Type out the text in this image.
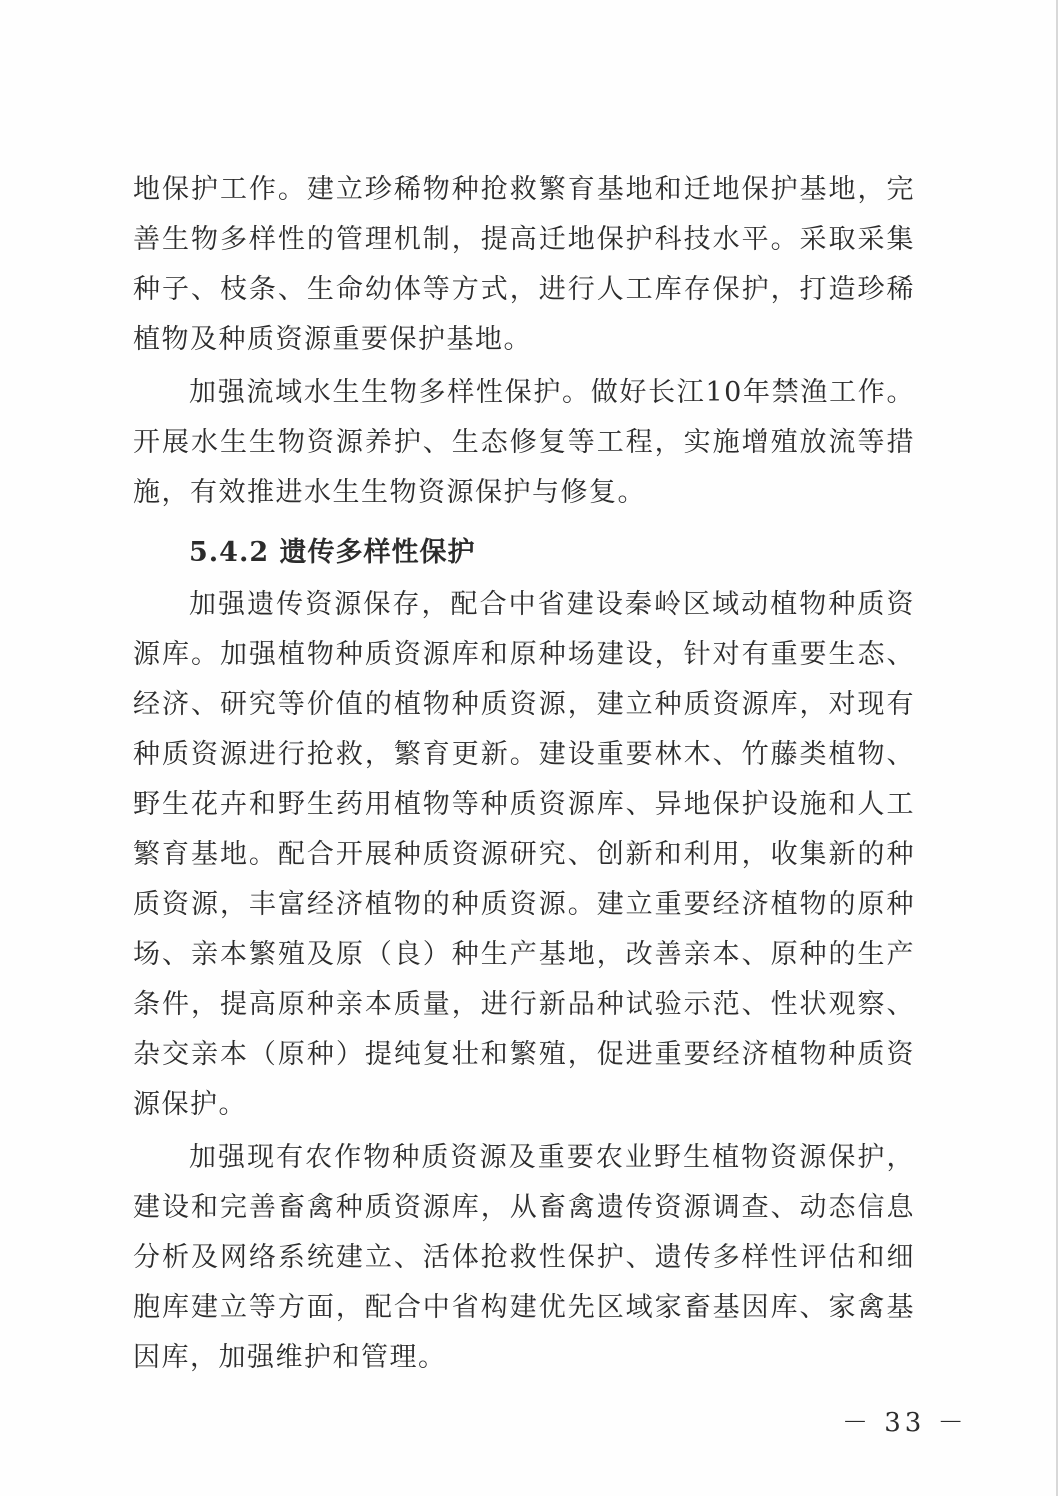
地保护工作。建立珍稀物种抢救繁育基地和迁地保护基地，完善生物多样性的管理机制，提高迁地保护科技水平。采取采集种子、枝条、生命幼体等方式，进行人工库存保护，打造珍稀植物及种质资源重要保护基地。

加强流域水生生物多样性保护。做好长江10年禁渔工作。开展水生生物资源养护、生态修复等工程，实施增殖放流等措施，有效推进水生生物资源保护与修复。

5.4.2 遗传多样性保护

加强遗传资源保存，配合中省建设秦岭区域动植物种质资源库。加强植物种质资源库和原种场建设，针对有重要生态、经济、研究等价值的植物种质资源，建立种质资源库，对现有种质资源进行抢救，繁育更新。建设重要林木、竹藤类植物、野生花卉和野生药用植物等种质资源库、异地保护设施和人工繁育基地。配合开展种质资源研究、创新和利用，收集新的种质资源，丰富经济植物的种质资源。建立重要经济植物的原种场、亲本繁殖及原（良）种生产基地，改善亲本、原种的生产条件，提高原种亲本质量，进行新品种试验示范、性状观察、杂交亲本（原种）提纯复壮和繁殖，促进重要经济植物种质资源保护。

加强现有农作物种质资源及重要农业野生植物资源保护，建设和完善畜禽种质资源库，从畜禽遗传资源调查、动态信息分析及网络系统建立、活体抢救性保护、遗传多样性评估和细胞库建立等方面，配合中省构建优先区域家畜基因库、家禽基因库，加强维护和管理。

－ 33 －
